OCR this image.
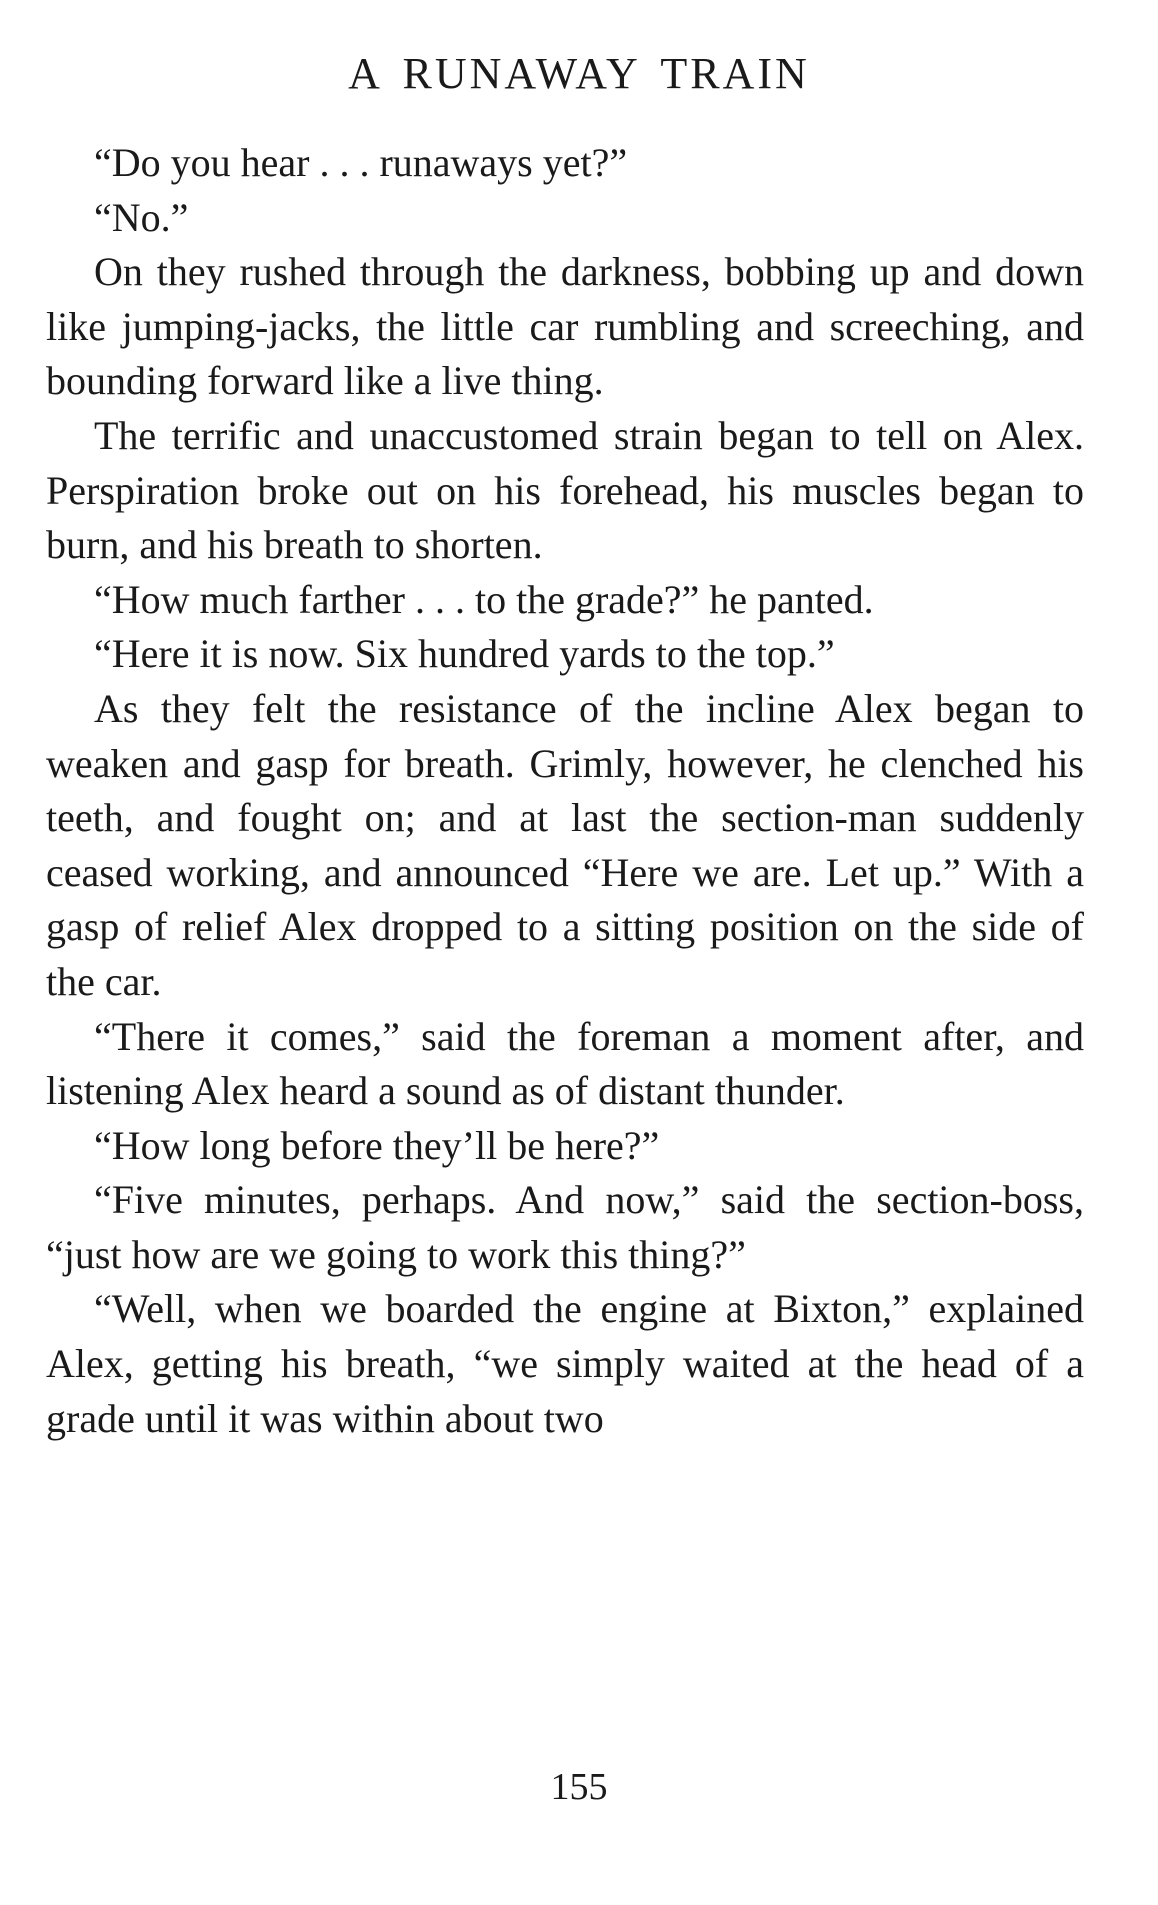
A RUNAWAY TRAIN

“Do you hear . . . runaways yet?”

“No.”

On they rushed through the darkness, bobbing up and down like jumping-jacks, the little car rumbling and screeching, and bounding forward like a live thing.

The terrific and unaccustomed strain began to tell on Alex. Perspiration broke out on his forehead, his muscles began to burn, and his breath to shorten.

“How much farther . . . to the grade?” he panted.

“Here it is now. Six hundred yards to the top.”

As they felt the resistance of the incline Alex began to weaken and gasp for breath. Grimly, however, he clenched his teeth, and fought on; and at last the section-man suddenly ceased working, and announced “Here we are. Let up.” With a gasp of relief Alex dropped to a sitting position on the side of the car.

“There it comes,” said the foreman a moment after, and listening Alex heard a sound as of distant thunder.

“How long before they’ll be here?”

“Five minutes, perhaps. And now,” said the section-boss, “just how are we going to work this thing?”

“Well, when we boarded the engine at Bixton,” explained Alex, getting his breath, “we simply waited at the head of a grade until it was within about two

155
